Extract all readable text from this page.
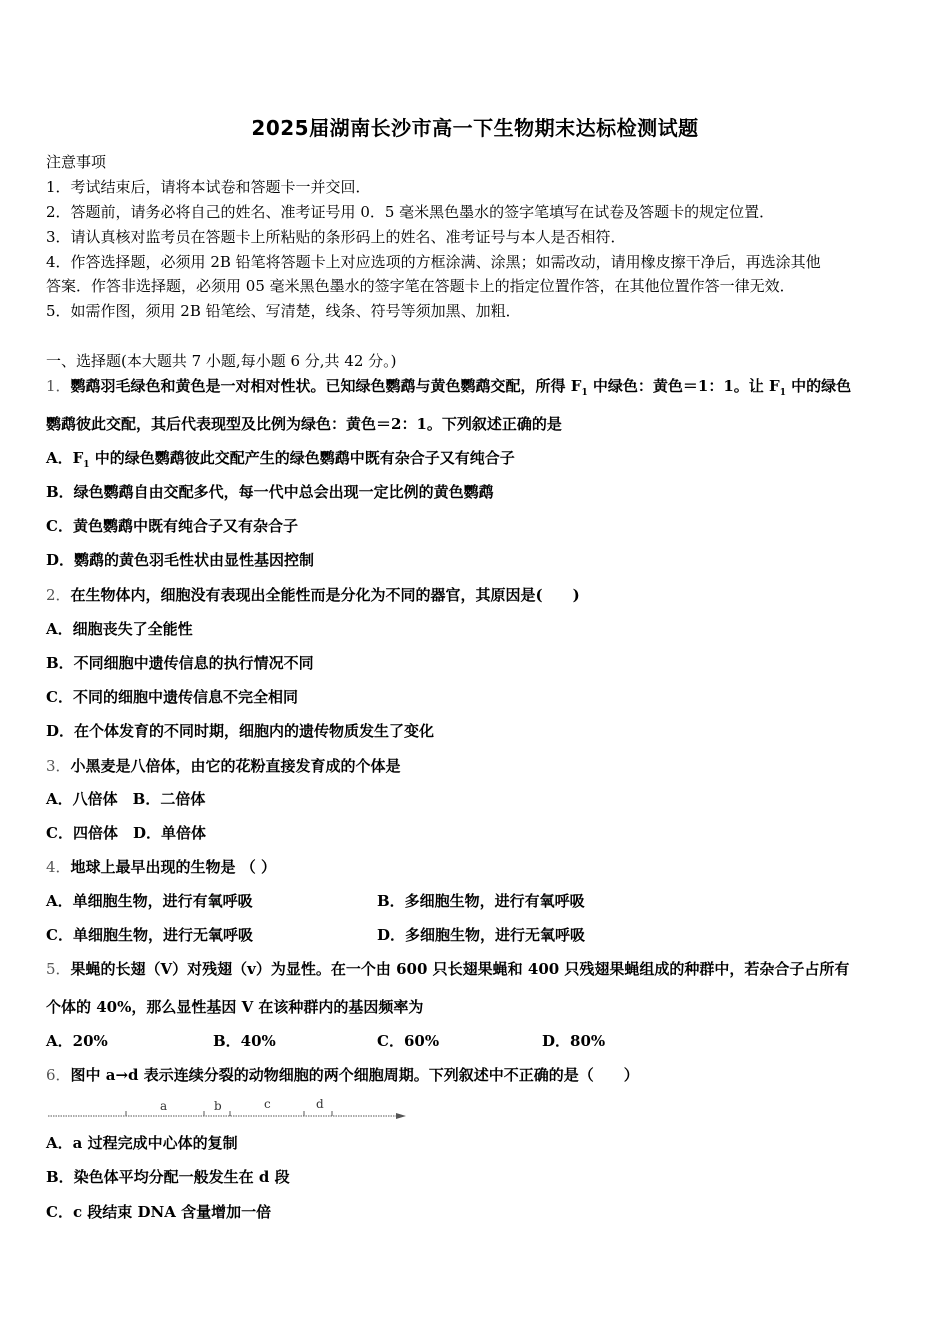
2025届湖南长沙市高一下生物期末达标检测试题
注意事项
1．考试结束后，请将本试卷和答题卡一并交回．
2．答题前，请务必将自己的姓名、准考证号用 0．5 毫米黑色墨水的签字笔填写在试卷及答题卡的规定位置．
3．请认真核对监考员在答题卡上所粘贴的条形码上的姓名、准考证号与本人是否相符．
4．作答选择题，必须用 2B 铅笔将答题卡上对应选项的方框涂满、涂黑；如需改动，请用橡皮擦干净后，再选涂其他
答案．作答非选择题，必须用 05 毫米黑色墨水的签字笔在答题卡上的指定位置作答，在其他位置作答一律无效．
5．如需作图，须用 2B 铅笔绘、写清楚，线条、符号等须加黑、加粗．
一、选择题(本大题共 7 小题,每小题 6 分,共 42 分。)
1．鹦鹉羽毛绿色和黄色是一对相对性状。已知绿色鹦鹉与黄色鹦鹉交配，所得 $F_1$ 中绿色：黄色＝1：1。让 $F_1$ 中的绿色
鹦鹉彼此交配，其后代表现型及比例为绿色：黄色＝2：1。下列叙述正确的是
A．$F_1$ 中的绿色鹦鹉彼此交配产生的绿色鹦鹉中既有杂合子又有纯合子
B．绿色鹦鹉自由交配多代，每一代中总会出现一定比例的黄色鹦鹉
C．黄色鹦鹉中既有纯合子又有杂合子
D．鹦鹉的黄色羽毛性状由显性基因控制
2．在生物体内，细胞没有表现出全能性而是分化为不同的器官，其原因是(　　)
A．细胞丧失了全能性
B．不同细胞中遗传信息的执行情况不同
C．不同的细胞中遗传信息不完全相同
D．在个体发育的不同时期，细胞内的遗传物质发生了变化
3．小黑麦是八倍体，由它的花粉直接发育成的个体是
A．八倍体　B．二倍体
C．四倍体　D．单倍体
4．地球上最早出现的生物是 （ ）
A．单细胞生物，进行有氧呼吸	B．多细胞生物，进行有氧呼吸
C．单细胞生物，进行无氧呼吸	D．多细胞生物，进行无氧呼吸
5．果蝇的长翅（V）对残翅（v）为显性。在一个由 600 只长翅果蝇和 400 只残翅果蝇组成的种群中，若杂合子占所有
个体的 40%，那么显性基因 V 在该种群内的基因频率为
A．20%	B．40%	C．60%	D．80%
6．图中 a→d 表示连续分裂的动物细胞的两个细胞周期。下列叙述中不正确的是（　　）
a	b	c	d
A．a 过程完成中心体的复制
B．染色体平均分配一般发生在 d 段
C．c 段结束 DNA 含量增加一倍
